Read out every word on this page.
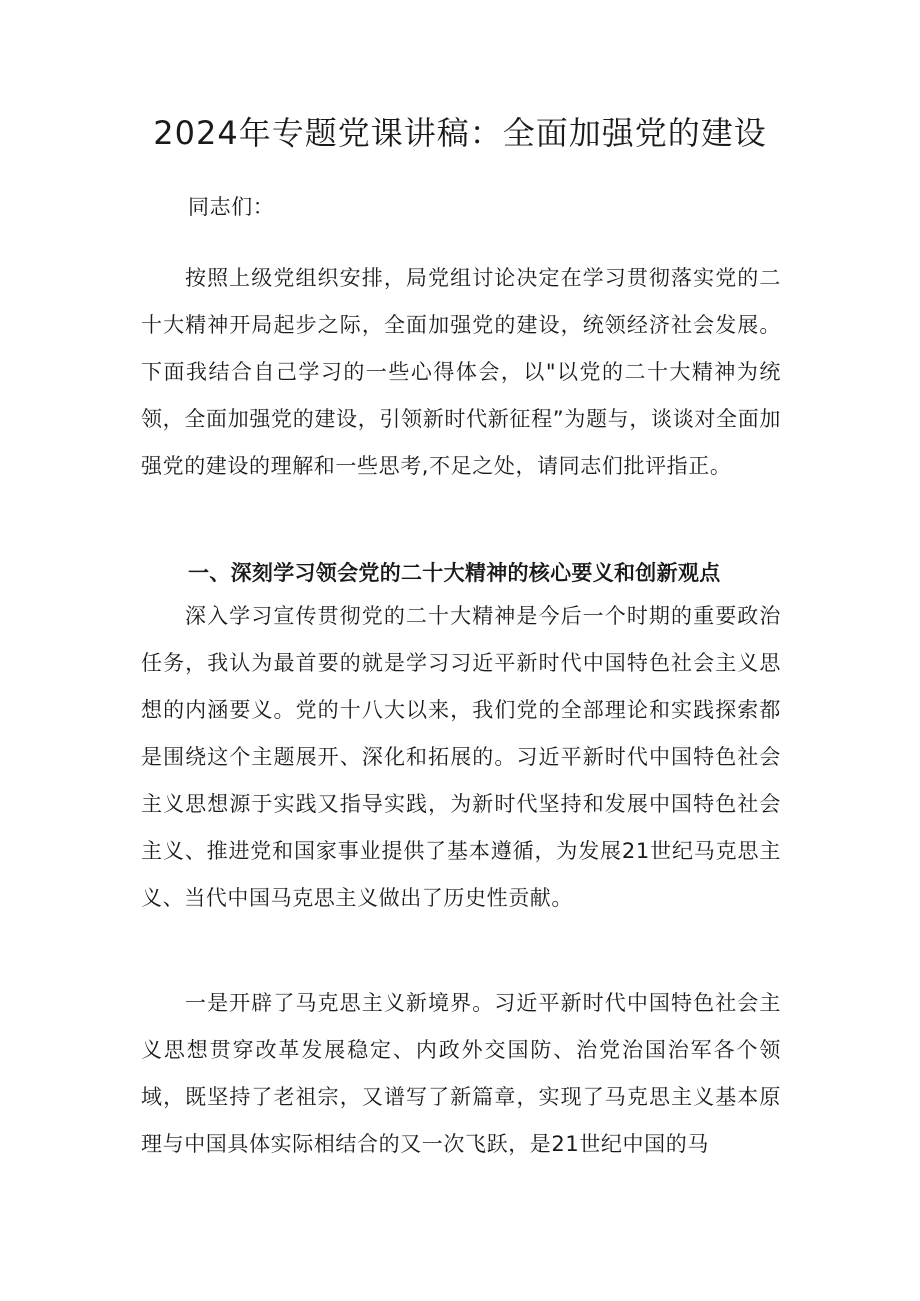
2024年专题党课讲稿：全面加强党的建设

同志们：

按照上级党组织安排，局党组讨论决定在学习贯彻落实党的二十大精神开局起步之际，全面加强党的建设，统领经济社会发展。下面我结合自己学习的一些心得体会，以"以党的二十大精神为统领，全面加强党的建设，引领新时代新征程”为题与，谈谈对全面加强党的建设的理解和一些思考,不足之处，请同志们批评指正。

一、深刻学习领会党的二十大精神的核心要义和创新观点

深入学习宣传贯彻党的二十大精神是今后一个时期的重要政治任务，我认为最首要的就是学习习近平新时代中国特色社会主义思想的内涵要义。党的十八大以来，我们党的全部理论和实践探索都是围绕这个主题展开、深化和拓展的。习近平新时代中国特色社会主义思想源于实践又指导实践，为新时代坚持和发展中国特色社会主义、推进党和国家事业提供了基本遵循，为发展21世纪马克思主义、当代中国马克思主义做出了历史性贡献。

一是开辟了马克思主义新境界。习近平新时代中国特色社会主义思想贯穿改革发展稳定、内政外交国防、治党治国治军各个领域，既坚持了老祖宗，又谱写了新篇章，实现了马克思主义基本原理与中国具体实际相结合的又一次飞跃，是21世纪中国的马
